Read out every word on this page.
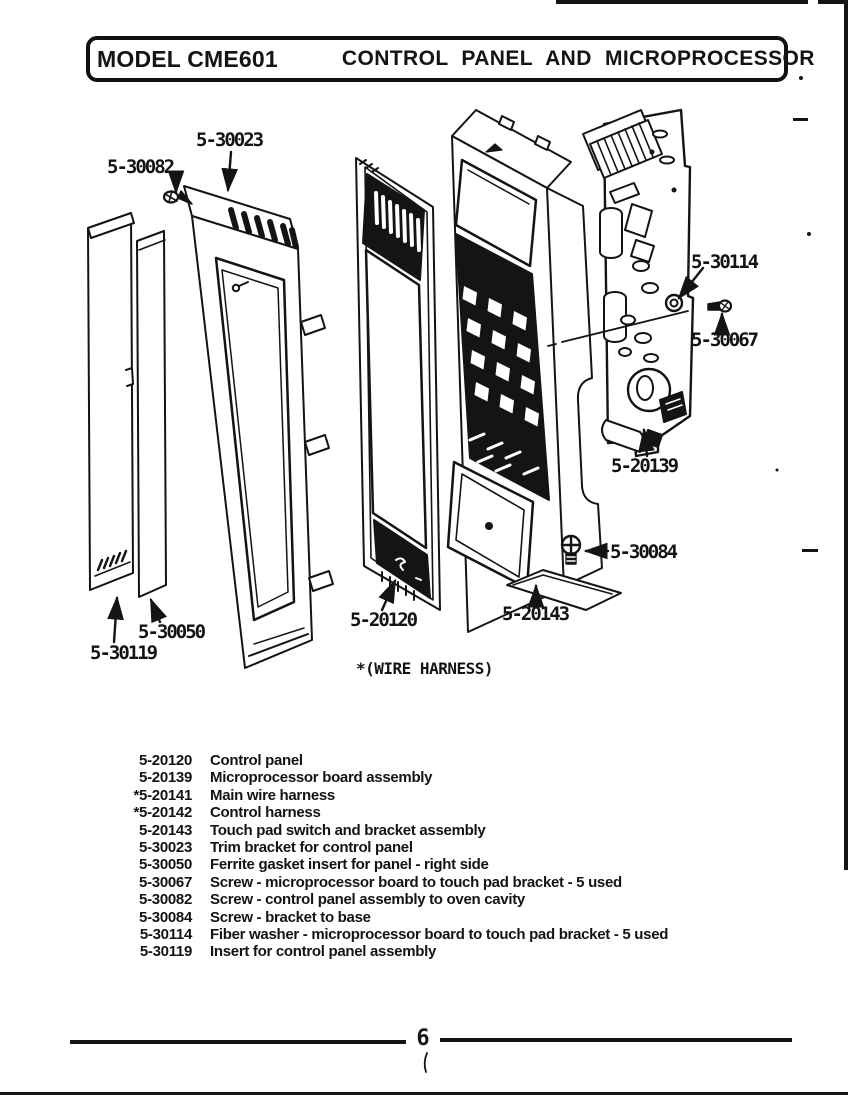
MODEL CME601	CONTROL PANEL AND MICROPROCESSOR
5-30023
5-30082
5-30114
5-30067
5-20139
5-30084
5-20120	5-20143
5-30050
5-30119
*(WIRE HARNESS)
5-20120 Control panel
5-20139 Microprocessor board assembly
*5-20141 Main wire harness
*5-20142 Control harness
5-20143 Touch pad switch and bracket assembly
5-30023 Trim bracket for control panel
5-30050 Ferrite gasket insert for panel - right side
5-30067 Screw - microprocessor board to touch pad bracket - 5 used
5-30082 Screw - control panel assembly to oven cavity
5-30084 Screw - bracket to base
5-30114 Fiber washer - microprocessor board to touch pad bracket - 5 used
5-30119 Insert for control panel assembly
6
